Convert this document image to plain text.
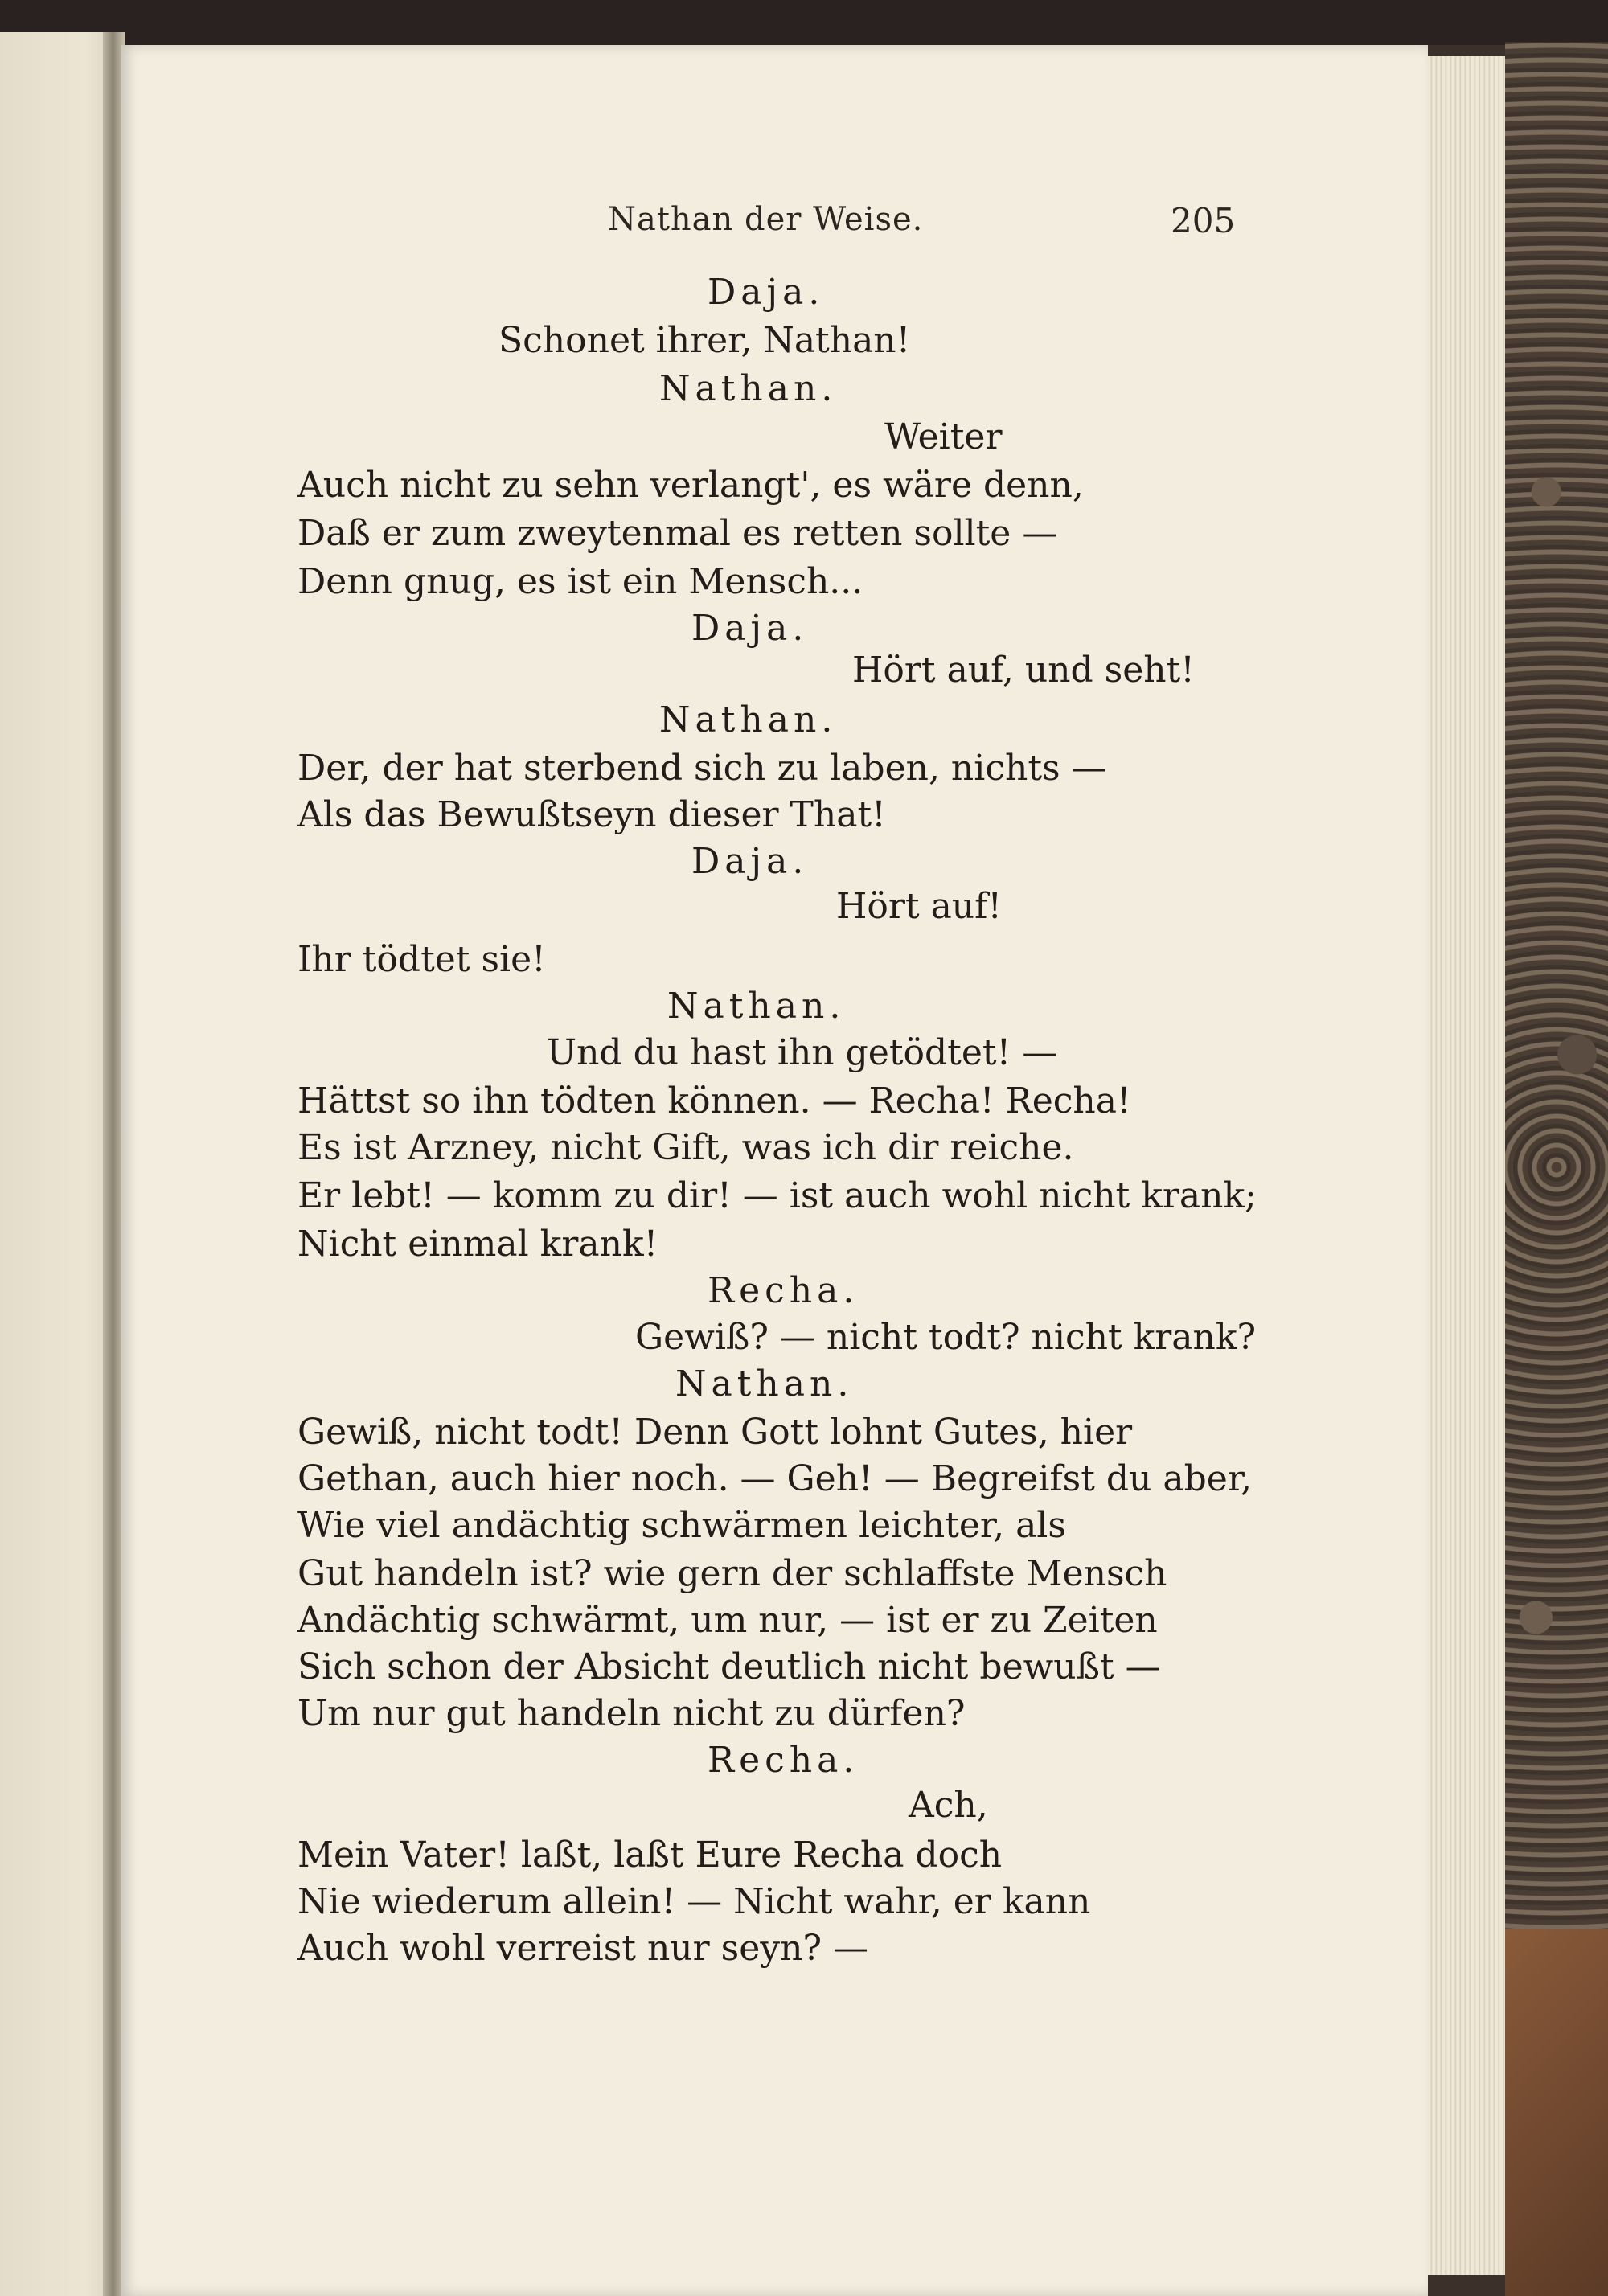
Nathan der Weise.	205
Daja.
Schonet ihrer, Nathan!
Nathan.
Weiter
Auch nicht zu sehn verlangt', es wäre denn,
Daß er zum zweytenmal es retten sollte —
Denn gnug, es ist ein Mensch...
Daja.
Hört auf, und seht!
Nathan.
Der, der hat sterbend sich zu laben, nichts —
Als das Bewußtseyn dieser That!
Daja.
Hört auf!
Ihr tödtet sie!
Nathan.
Und du hast ihn getödtet! —
Hättst so ihn tödten können. — Recha! Recha!
Es ist Arzney, nicht Gift, was ich dir reiche.
Er lebt! — komm zu dir! — ist auch wohl nicht krank;
Nicht einmal krank!
Recha.
Gewiß? — nicht todt? nicht krank?
Nathan.
Gewiß, nicht todt! Denn Gott lohnt Gutes, hier
Gethan, auch hier noch. — Geh! — Begreifst du aber,
Wie viel andächtig schwärmen leichter, als
Gut handeln ist? wie gern der schlaffste Mensch
Andächtig schwärmt, um nur, — ist er zu Zeiten
Sich schon der Absicht deutlich nicht bewußt —
Um nur gut handeln nicht zu dürfen?
Recha.
Ach,
Mein Vater! laßt, laßt Eure Recha doch
Nie wiederum allein! — Nicht wahr, er kann
Auch wohl verreist nur seyn? —
